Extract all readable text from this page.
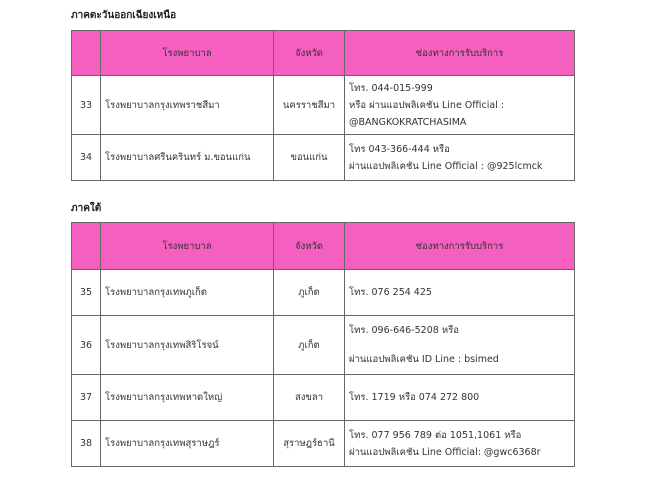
ภาคตะวันออกเฉียงเหนือ
	โรงพยาบาล	จังหวัด	ช่องทางการรับบริการ
33	โรงพยาบาลกรุงเทพราชสีมา	นครราชสีมา	โทร. 044-015-999
หรือ ผ่านแอปพลิเคชัน Line Official :
@BANGKOKRATCHASIMA

34	โรงพยาบาลศรีนครินทร์ ม.ขอนแก่น	ขอนแก่น	โทร 043-366-444 หรือ
ผ่านแอปพลิเคชัน Line Official : @925lcmck
ภาคใต้
	โรงพยาบาล	จังหวัด	ช่องทางการรับบริการ
35	โรงพยาบาลกรุงเทพภูเก็ต	ภูเก็ต	โทร. 076 254 425

36	โรงพยาบาลกรุงเทพสิริโรจน์	ภูเก็ต	โทร. 096-646-5208 หรือ
ผ่านแอปพลิเคชัน ID Line : bsimed

37	โรงพยาบาลกรุงเทพหาดใหญ่	สงขลา	โทร. 1719 หรือ 074 272 800

38	โรงพยาบาลกรุงเทพสุราษฎร์	สุราษฎร์ธานี	โทร. 077 956 789 ต่อ 1051,1061 หรือ
ผ่านแอปพลิเคชัน Line Official: @gwc6368r
